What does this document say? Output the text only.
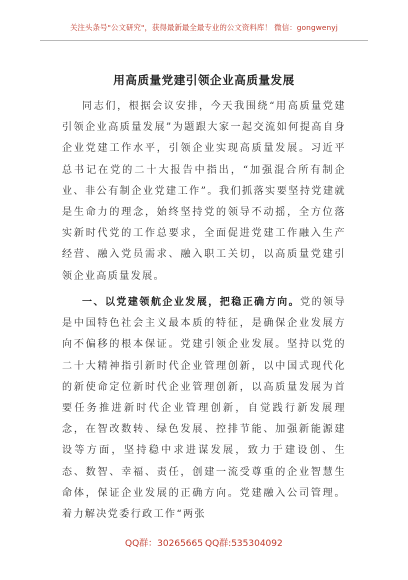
关注头条号"公文研究"，获得最新最全最专业的公文资料库！ 微信：gongwenyj
用高质量党建引领企业高质量发展
同志们，根据会议安排，今天我围绕“用高质量党建引领企业高质量发展”为题跟大家一起交流如何提高自身企业党建工作水平，引领企业实现高质量发展。习近平总书记在党的二十大报告中指出，“加强混合所有制企业、非公有制企业党建工作”。我们抓落实要坚持党建就是生命力的理念，始终坚持党的领导不动摇，全方位落实新时代党的工作总要求，全面促进党建工作融入生产经营、融入党员需求、融入职工关切，以高质量党建引领企业高质量发展。
一、以党建领航企业发展，把稳正确方向。党的领导是中国特色社会主义最本质的特征，是确保企业发展方向不偏移的根本保证。党建引领企业发展。坚持以党的二十大精神指引新时代企业管理创新，以中国式现代化的新使命定位新时代企业管理创新，以高质量发展为首要任务推进新时代企业管理创新，自觉践行新发展理念，在智改数转、绿色发展、控排节能、加强新能源建设等方面，坚持稳中求进谋发展，致力于建设创、生态、数智、幸福、责任，创建一流受尊重的企业智慧生命体，保证企业发展的正确方向。党建融入公司管理。着力解决党委行政工作“两张
QQ群：30265665 QQ群:535304092
